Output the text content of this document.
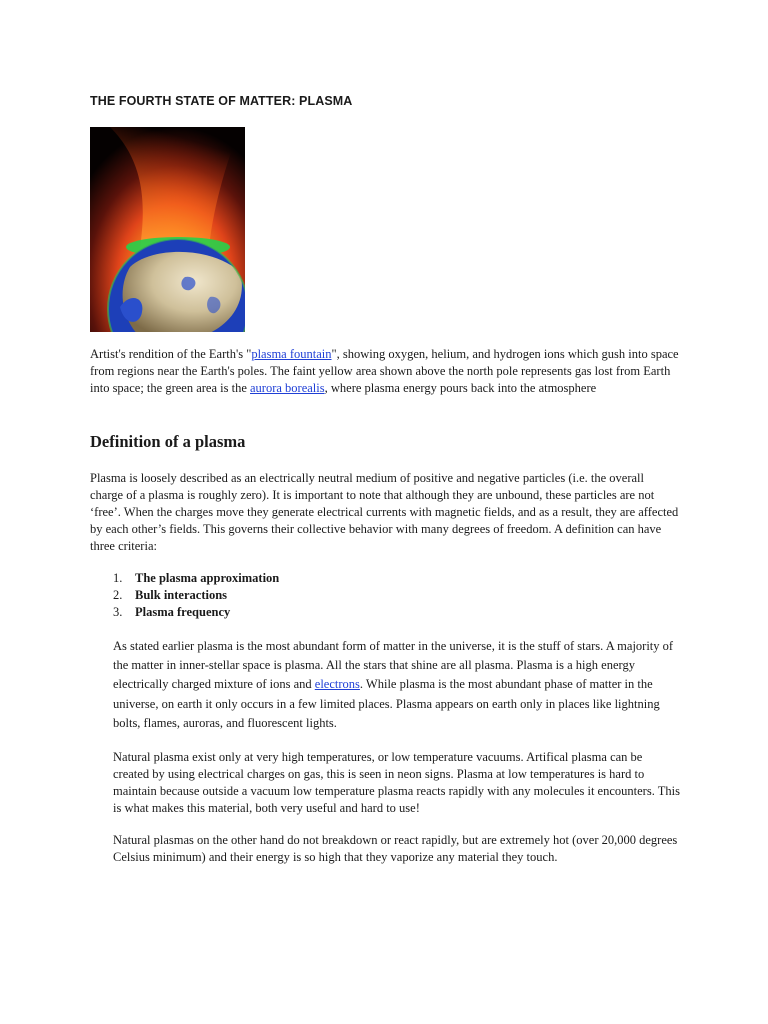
THE FOURTH STATE OF MATTER: PLASMA

Artist's rendition of the Earth's "plasma fountain", showing oxygen, helium, and hydrogen ions which gush into space from regions near the Earth's poles. The faint yellow area shown above the north pole represents gas lost from Earth into space; the green area is the aurora borealis, where plasma energy pours back into the atmosphere

Definition of a plasma

Plasma is loosely described as an electrically neutral medium of positive and negative particles (i.e. the overall charge of a plasma is roughly zero). It is important to note that although they are unbound, these particles are not ‘free’. When the charges move they generate electrical currents with magnetic fields, and as a result, they are affected by each other’s fields. This governs their collective behavior with many degrees of freedom. A definition can have three criteria:

1.	The plasma approximation
2.	Bulk interactions
3.	Plasma frequency

As stated earlier plasma is the most abundant form of matter in the universe, it is the stuff of stars. A majority of the matter in inner-stellar space is plasma. All the stars that shine are all plasma. Plasma is a high energy electrically charged mixture of ions and electrons. While plasma is the most abundant phase of matter in the universe, on earth it only occurs in a few limited places. Plasma appears on earth only in places like lightning bolts, flames, auroras, and fluorescent lights.

Natural plasma exist only at very high temperatures, or low temperature vacuums. Artifical plasma can be created by using electrical charges on gas, this is seen in neon signs. Plasma at low temperatures is hard to maintain because outside a vacuum low temperature plasma reacts rapidly with any molecules it encounters. This is what makes this material, both very useful and hard to use!

Natural plasmas on the other hand do not breakdown or react rapidly, but are extremely hot (over 20,000 degrees Celsius minimum) and their energy is so high that they vaporize any material they touch.
